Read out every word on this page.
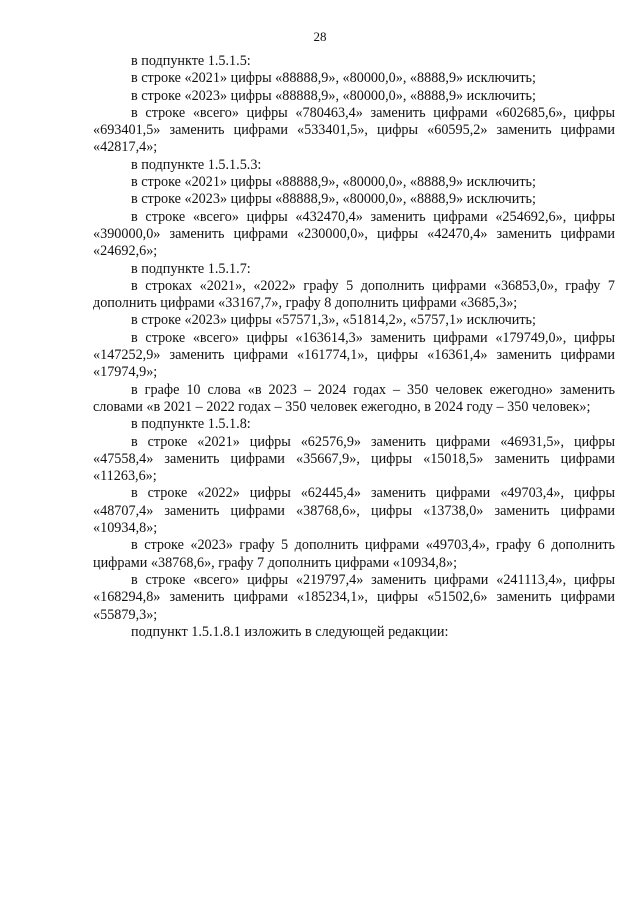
28

в подпункте 1.5.1.5:

в строке «2021» цифры «88888,9», «80000,0», «8888,9» исключить;

в строке «2023» цифры «88888,9», «80000,0», «8888,9» исключить;

в строке «всего» цифры «780463,4» заменить цифрами «602685,6», цифры «693401,5» заменить цифрами «533401,5», цифры «60595,2» заменить цифрами «42817,4»;

в подпункте 1.5.1.5.3:

в строке «2021» цифры «88888,9», «80000,0», «8888,9» исключить;

в строке «2023» цифры «88888,9», «80000,0», «8888,9» исключить;

в строке «всего» цифры «432470,4» заменить цифрами «254692,6», цифры «390000,0» заменить цифрами «230000,0», цифры «42470,4» заменить цифрами «24692,6»;

в подпункте 1.5.1.7:

в строках «2021», «2022» графу 5 дополнить цифрами «36853,0», графу 7 дополнить цифрами «33167,7», графу 8 дополнить цифрами «3685,3»;

в строке «2023» цифры «57571,3», «51814,2», «5757,1» исключить;

в строке «всего» цифры «163614,3» заменить цифрами «179749,0», цифры «147252,9» заменить цифрами «161774,1», цифры «16361,4» заменить цифрами «17974,9»;

в графе 10 слова «в 2023 – 2024 годах – 350 человек ежегодно» заменить словами «в 2021 – 2022 годах – 350 человек ежегодно, в 2024 году – 350 человек»;

в подпункте 1.5.1.8:

в строке «2021» цифры «62576,9» заменить цифрами «46931,5», цифры «47558,4» заменить цифрами «35667,9», цифры «15018,5» заменить цифрами «11263,6»;

в строке «2022» цифры «62445,4» заменить цифрами «49703,4», цифры «48707,4» заменить цифрами «38768,6», цифры «13738,0» заменить цифрами «10934,8»;

в строке «2023» графу 5 дополнить цифрами «49703,4», графу 6 дополнить цифрами «38768,6», графу 7 дополнить цифрами «10934,8»;

в строке «всего» цифры «219797,4» заменить цифрами «241113,4», цифры «168294,8» заменить цифрами «185234,1», цифры «51502,6» заменить цифрами «55879,3»;

подпункт 1.5.1.8.1 изложить в следующей редакции:
